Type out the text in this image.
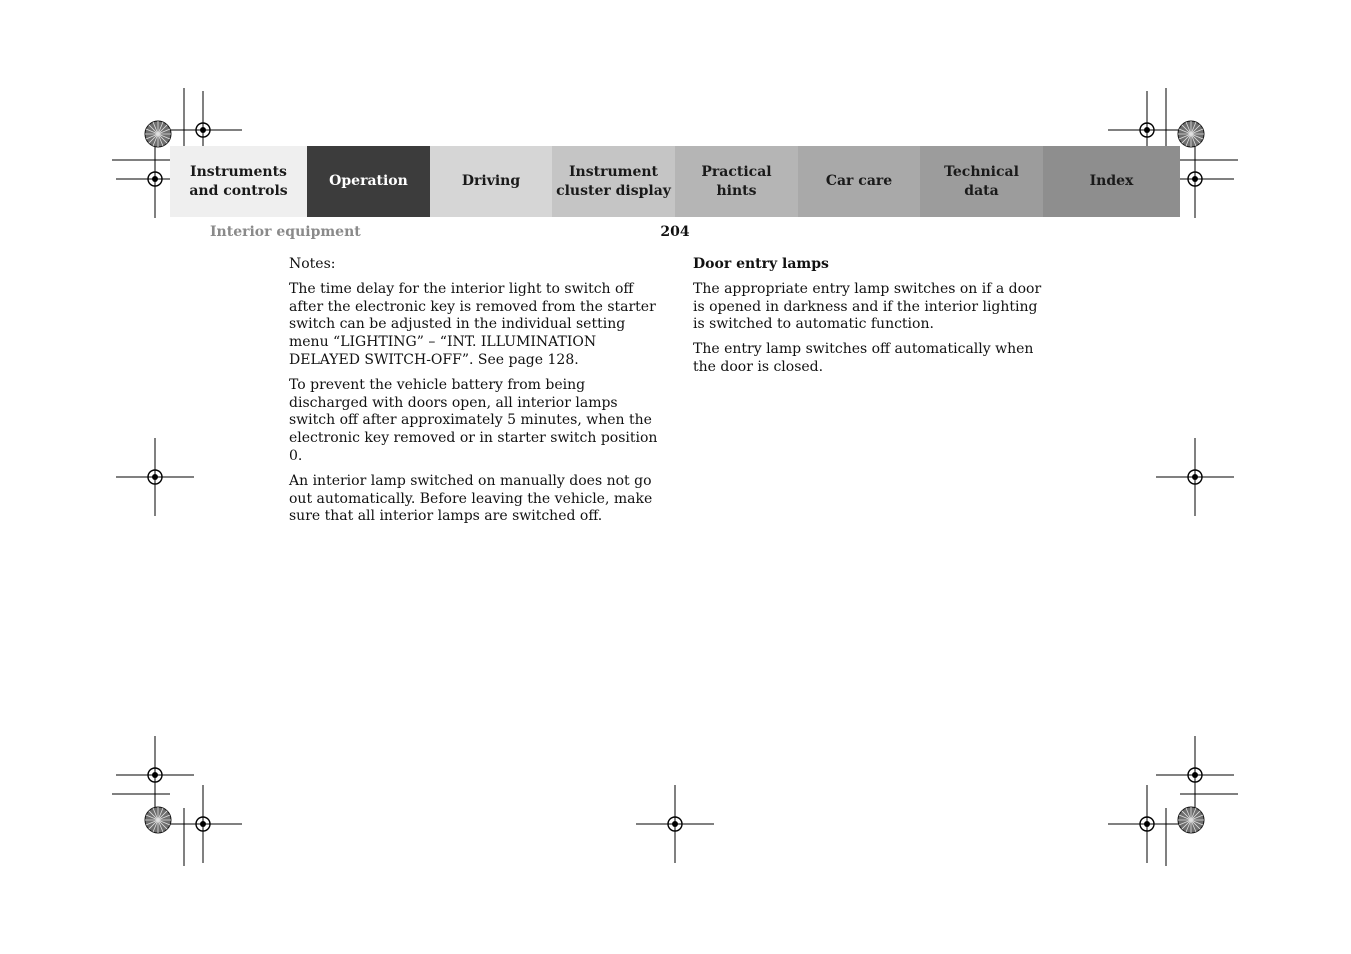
Instruments
and controls
Operation	Driving
Instrument
cluster display
Practical hints
Car care
Technical
data
Index
Interior equipment	204

Notes:

The time delay for the interior light to switch off after the electronic key is removed from the starter switch can be adjusted in the individual setting menu “LIGHTING” – “INT. ILLUMINATION DELAYED SWITCH-OFF”. See page 128.

To prevent the vehicle battery from being discharged with doors open, all interior lamps switch off after approximately 5 minutes, when the electronic key removed or in starter switch position 0.

An interior lamp switched on manually does not go out automatically. Before leaving the vehicle, make sure that all interior lamps are switched off.

Door entry lamps

The appropriate entry lamp switches on if a door is opened in darkness and if the interior lighting is switched to automatic function.

The entry lamp switches off automatically when the door is closed.
